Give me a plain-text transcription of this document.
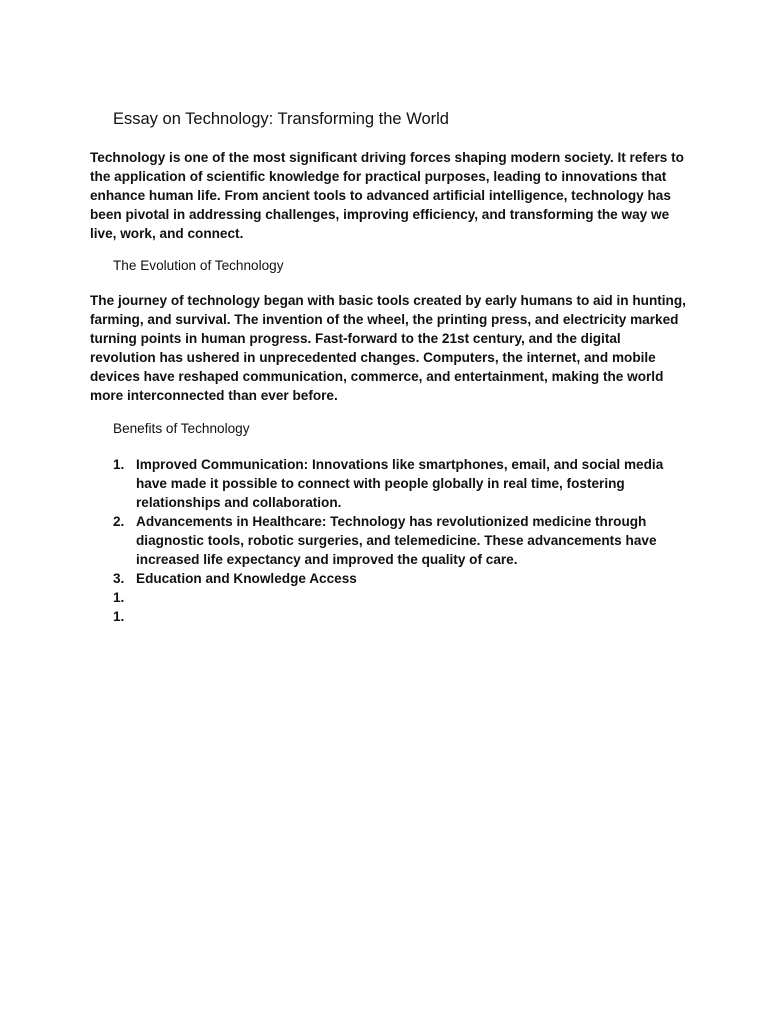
Essay on Technology: Transforming the World

Technology is one of the most significant driving forces shaping modern society. It refers to the application of scientific knowledge for practical purposes, leading to innovations that enhance human life. From ancient tools to advanced artificial intelligence, technology has been pivotal in addressing challenges, improving efficiency, and transforming the way we live, work, and connect.

The Evolution of Technology

The journey of technology began with basic tools created by early humans to aid in hunting, farming, and survival. The invention of the wheel, the printing press, and electricity marked turning points in human progress. Fast-forward to the 21st century, and the digital revolution has ushered in unprecedented changes. Computers, the internet, and mobile devices have reshaped communication, commerce, and entertainment, making the world more interconnected than ever before.

Benefits of Technology
1. Improved Communication: Innovations like smartphones, email, and social media have made it possible to connect with people globally in real time, fostering relationships and collaboration.
2. Advancements in Healthcare: Technology has revolutionized medicine through diagnostic tools, robotic surgeries, and telemedicine. These advancements have increased life expectancy and improved the quality of care.
3. Education and Knowledge Access
1.
1.
